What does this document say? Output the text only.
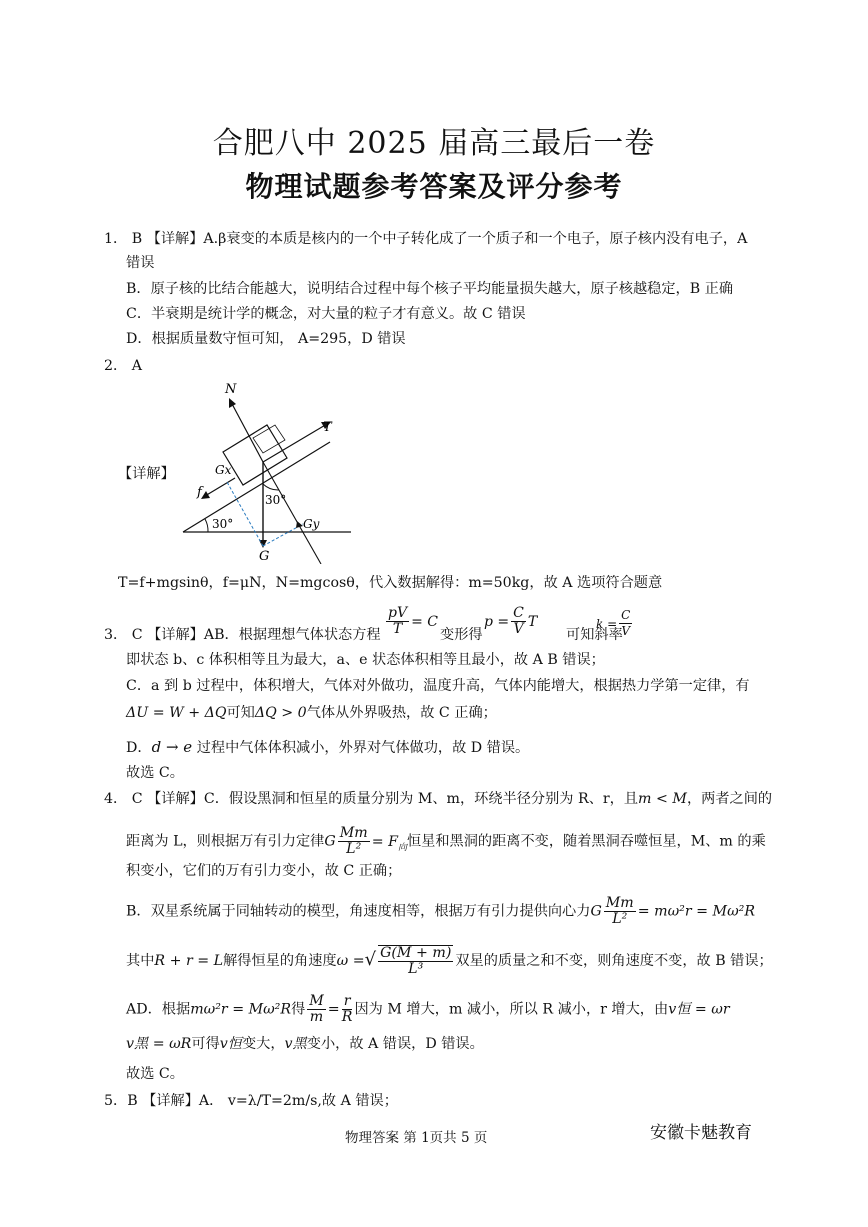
合肥八中 2025 届高三最后一卷
物理试题参考答案及评分参考
1． B 【详解】A.β衰变的本质是核内的一个中子转化成了一个质子和一个电子，原子核内没有电子，A
错误
B．原子核的比结合能越大，说明结合过程中每个核子平均能量损失越大，原子核越稳定，B 正确
C．半衰期是统计学的概念，对大量的粒子才有意义。故 C 错误
D．根据质量数守恒可知， A=295，D 错误
2． A
【详解】
30°
N
T
f
Gx
G
Gy
30°
T=f+mgsinθ，f=μN，N=mgcosθ，代入数据解得：m=50kg，故 A 选项符合题意
3． C 【详解】AB．根据理想气体状态方程 $\frac{pV}{T} = C$
变形得
$p = \frac{C}{V}$ T
可知斜率
$k = \frac{C}{V}$
即状态 b、c 体积相等且为最大，a、e 状态体积相等且最小，故 A B 错误；
C．a 到 b 过程中，体积增大，气体对外做功，温度升高，气体内能增大，根据热力学第一定律，有
ΔU = W + ΔQ可知ΔQ > 0气体从外界吸热，故 C 正确；
D．d → e 过程中气体体积减小，外界对气体做功，故 D 错误。
故选 C。
4． C 【详解】C．假设黑洞和恒星的质量分别为 M、m，环绕半径分别为 R、r，且m < M，两者之间的
距离为 L，则根据万有引力定律G $\frac{Mm}{\text{L²}} = F_向$恒星和黑洞的距离不变，随着黑洞吞噬恒星，M、m 的乘
积变小，它们的万有引力变小，故 C 正确；
B．双星系统属于同轴转动的模型，角速度相等，根据万有引力提供向心力G $\frac{Mm}{\text{L²}} = m\omega^2r = M\omega^2R$
其中R + r = L解得恒星的角速度ω =√ $\frac{G(M + m)}{\text{L³}}$ 双星的质量之和不变，则角速度不变，故 B 错误；
AD．根据mω²r = Mω²R得 $\frac{M}{m} = \frac{r}{R}$ 因为 M 增大，m 减小，所以 R 减小，r 增大，由v恒 = ωr
v黑 = ωR可得v恒变大，v黑变小，故 A 错误，D 错误。
故选 C。
5．B 【详解】A． v=λ/T=2m/s,故 A 错误；
物理答案 第 1页共 5 页	安徽卡魅教育
